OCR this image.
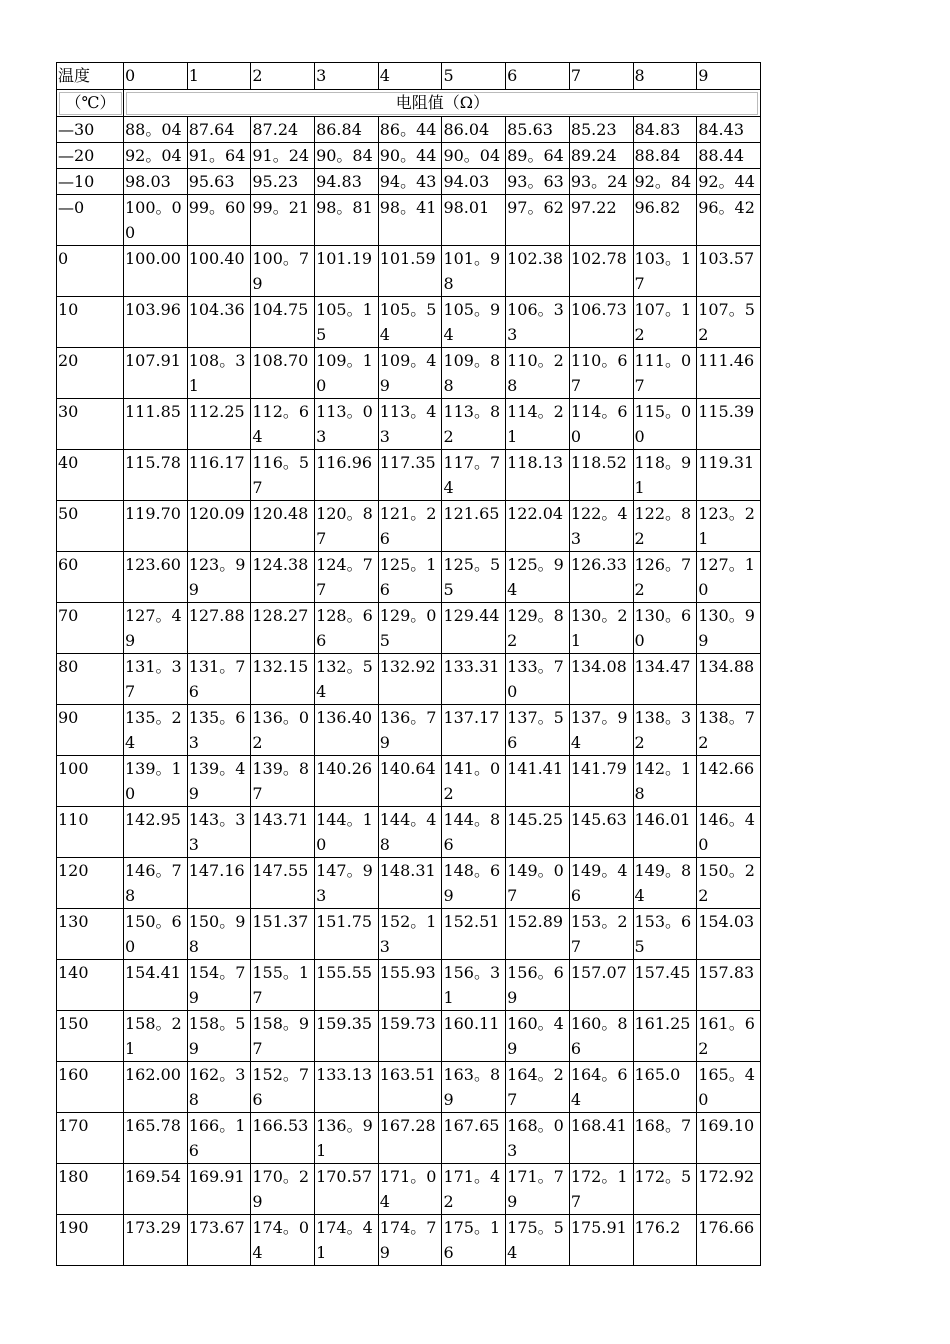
温度	0	1	2	3	4	5	6	7	8	9
（℃）	电阻值（Ω）									
—30	88。04	87.64	87.24	86.84	86。44	86.04	85.63	85.23	84.83	84.43
—20	92。04	91。64	91。24	90。84	90。44	90。04	89。64	89.24	88.84	88.44
—10	98.03	95.63	95.23	94.83	94。43	94.03	93。63	93。24	92。84	92。44
—0	100。00	99。60	99。21	98。81	98。41	98.01	97。62	97.22	96.82	96。42
0	100.00	100.40	100。79	101.19	101.59	101。98	102.38	102.78	103。17	103.57
10	103.96	104.36	104.75	105。15	105。54	105。94	106。33	106.73	107。12	107。52
20	107.91	108。31	108.70	109。10	109。49	109。88	110。28	110。67	111。07	111.46
30	111.85	112.25	112。64	113。03	113。43	113。82	114。21	114。60	115。00	115.39
40	115.78	116.17	116。57	116.96	117.35	117。74	118.13	118.52	118。91	119.31
50	119.70	120.09	120.48	120。87	121。26	121.65	122.04	122。43	122。82	123。21
60	123.60	123。99	124.38	124。77	125。16	125。55	125。94	126.33	126。72	127。10
70	127。49	127.88	128.27	128。66	129。05	129.44	129。82	130。21	130。60	130。99
80	131。37	131。76	132.15	132。54	132.92	133.31	133。70	134.08	134.47	134.88
90	135。24	135。63	136。02	136.40	136。79	137.17	137。56	137。94	138。32	138。72
100	139。10	139。49	139。87	140.26	140.64	141。02	141.41	141.79	142。18	142.66
110	142.95	143。33	143.71	144。10	144。48	144。86	145.25	145.63	146.01	146。40
120	146。78	147.16	147.55	147。93	148.31	148。69	149。07	149。46	149。84	150。22
130	150。60	150。98	151.37	151.75	152。13	152.51	152.89	153。27	153。65	154.03
140	154.41	154。79	155。17	155.55	155.93	156。31	156。69	157.07	157.45	157.83
150	158。21	158。59	158。97	159.35	159.73	160.11	160。49	160。86	161.25	161。62
160	162.00	162。38	152。76	133.13	163.51	163。89	164。27	164。64	165.0	165。40
170	165.78	166。16	166.53	136。91	167.28	167.65	168。03	168.41	168。7	169.10
180	169.54	169.91	170。29	170.57	171。04	171。42	171。79	172。17	172。5	172.92
190	173.29	173.67	174。04	174。41	174。79	175。16	175。54	175.91	176.2	176.66
